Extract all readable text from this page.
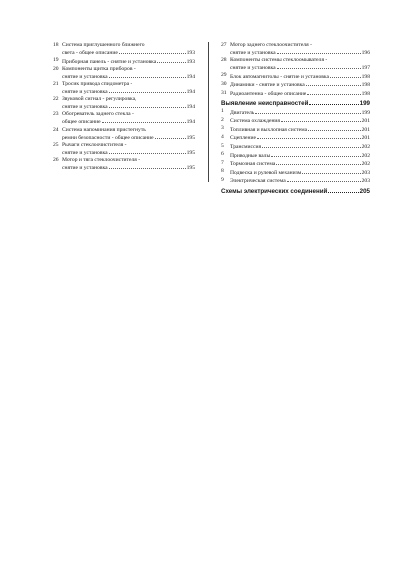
18 Система приглушенного ближнего
света - общее описание	193
19 Приборная панель - снятие и установка	193
20 Компоненты щитка приборов -
снятие и установка	194
21 Тросик привода спидометра -
снятие и установка	194
22 Звуковой сигнал - регулировка,
снятие и установка	194
23 Обогреватель заднего стекла -
общее описание	194
24 Система напоминания пристегнуть
ремни безопасности - общее описание	195
25 Рычаги стеклоочистителя -
снятие и установка	195
26 Мотор и тяга стеклоочистителя -
снятие и установка	195
27 Мотор заднего стеклоочистителя -
снятие и установка	196
28 Компоненты системы стеклоомывателя -
снятие и установка	197
29 Блок автомагнитолы - снятие и установка	198
30 Динамики - снятие и установка	198
31 Радиоантенна - общее описание	198
Выявление неисправностей	199
1	Двигатель	199
2	Система охлаждения	201
3	Топливная и выхлопная система	201
4	Сцепление	201
5	Трансмиссия	202
6	Приводные валы	202
7	Тормозная система	202
8	Подвеска и рулевой механизм	203
9	Электрическая система	203
Схемы электрических соединений	205
